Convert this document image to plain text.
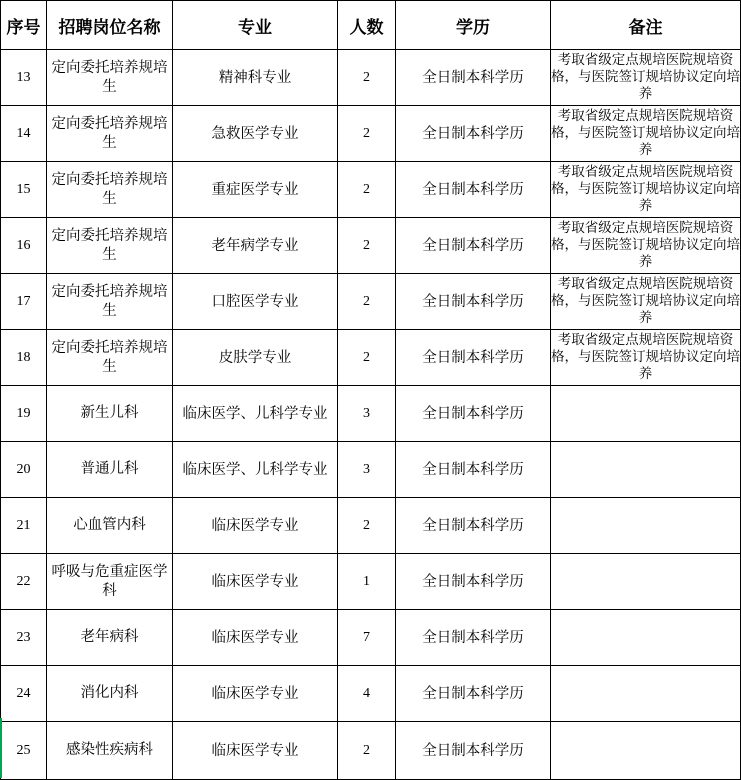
序号	招聘岗位名称	专业	人数	学历	备注
13	定向委托培养规培生	精神科专业	2	全日制本科学历	考取省级定点规培医院规培资格，与医院签订规培协议定向培养
14	定向委托培养规培生	急救医学专业	2	全日制本科学历	考取省级定点规培医院规培资格，与医院签订规培协议定向培养
15	定向委托培养规培生	重症医学专业	2	全日制本科学历	考取省级定点规培医院规培资格，与医院签订规培协议定向培养
16	定向委托培养规培生	老年病学专业	2	全日制本科学历	考取省级定点规培医院规培资格，与医院签订规培协议定向培养
17	定向委托培养规培生	口腔医学专业	2	全日制本科学历	考取省级定点规培医院规培资格，与医院签订规培协议定向培养
18	定向委托培养规培生	皮肤学专业	2	全日制本科学历	考取省级定点规培医院规培资格，与医院签订规培协议定向培养
19	新生儿科	临床医学、儿科学专业	3	全日制本科学历	
20	普通儿科	临床医学、儿科学专业	3	全日制本科学历	
21	心血管内科	临床医学专业	2	全日制本科学历	
22	呼吸与危重症医学科	临床医学专业	1	全日制本科学历	
23	老年病科	临床医学专业	7	全日制本科学历	
24	消化内科	临床医学专业	4	全日制本科学历	
25	感染性疾病科	临床医学专业	2	全日制本科学历	
